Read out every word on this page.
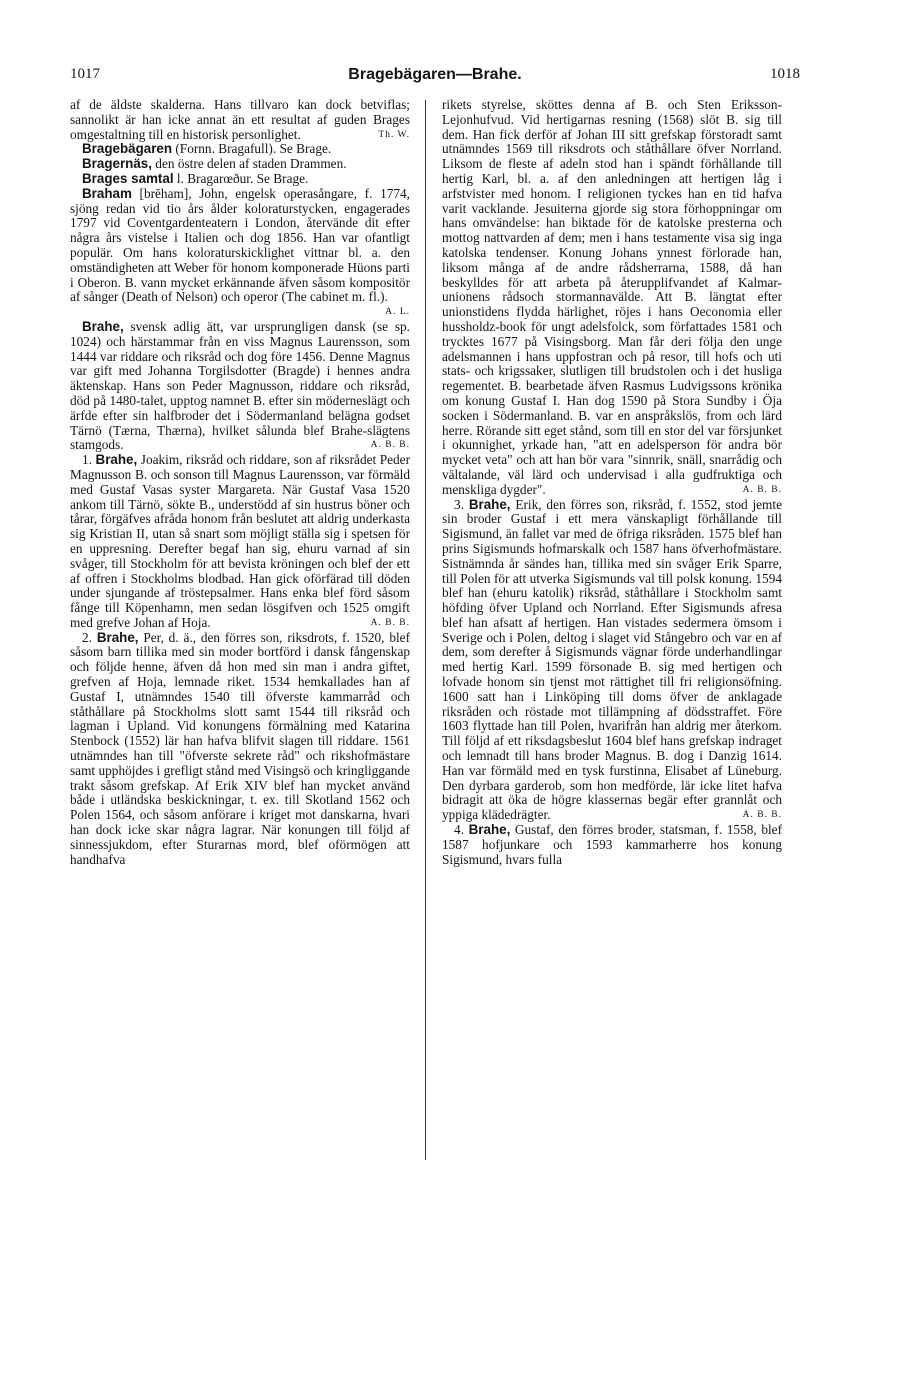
1017	Bragebägaren—Brahe.	1018

af de äldste skalderna. Hans tillvaro kan dock betviflas; sannolikt är han icke annat än ett resultat af guden Brages omgestaltning till en historisk personlighet.	Th. W.

Bragebägaren (Fornn. Bragafull). Se Brage.

Bragernäs, den östre delen af staden Drammen.

Brages samtal l. Bragarœður. Se Brage.

Braham [brēham], John, engelsk operasångare, f. 1774, sjöng redan vid tio års ålder koloraturstycken, engagerades 1797 vid Coventgardenteatern i London, återvände dit efter några års vistelse i Italien och dog 1856. Han var ofantligt populär. Om hans koloraturskicklighet vittnar bl. a. den omständigheten att Weber för honom komponerade Hüons parti i Oberon. B. vann mycket erkännande äfven såsom kompositör af sånger (Death of Nelson) och operor (The cabinet m. fl.).
A. L.

Brahe, svensk adlig ätt, var ursprungligen dansk (se sp. 1024) och härstammar från en viss Magnus Laurensson, som 1444 var riddare och riksråd och dog före 1456. Denne Magnus var gift med Johanna Torgilsdotter (Bragde) i hennes andra äktenskap. Hans son Peder Magnusson, riddare och riksråd, död på 1480-talet, upptog namnet B. efter sin möderneslägt och ärfde efter sin halfbroder det i Södermanland belägna godset Tärnö (Tærna, Thærna), hvilket sålunda blef Brahe-slägtens stamgods.	A. B. B.

1. Brahe, Joakim, riksråd och riddare, son af riksrådet Peder Magnusson B. och sonson till Magnus Laurensson, var förmäld med Gustaf Vasas syster Margareta. När Gustaf Vasa 1520 ankom till Tärnö, sökte B., understödd af sin hustrus böner och tårar, förgäfves afråda honom från beslutet att aldrig underkasta sig Kristian II, utan så snart som möjligt ställa sig i spetsen för en uppresning. Derefter begaf han sig, ehuru varnad af sin svåger, till Stockholm för att bevista kröningen och blef der ett af offren i Stockholms blodbad. Han gick oförfärad till döden under sjungande af tröstepsalmer. Hans enka blef förd såsom fånge till Köpenhamn, men sedan lösgifven och 1525 omgift med grefve Johan af Hoja.	A. B. B.

2. Brahe, Per, d. ä., den förres son, riksdrots, f. 1520, blef såsom barn tillika med sin moder bortförd i dansk fångenskap och följde henne, äfven då hon med sin man i andra giftet, grefven af Hoja, lemnade riket. 1534 hemkallades han af Gustaf I, utnämndes 1540 till öfverste kammarråd och ståthållare på Stockholms slott samt 1544 till riksråd och lagman i Upland. Vid konungens förmälning med Katarina Stenbock (1552) lär han hafva blifvit slagen till riddare. 1561 utnämndes han till "öfverste sekrete råd" och rikshofmästare samt upphöjdes i grefligt stånd med Visingsö och kringliggande trakt såsom grefskap. Af Erik XIV blef han mycket använd både i utländska beskickningar, t. ex. till Skotland 1562 och Polen 1564, och såsom anförare i kriget mot danskarna, hvari han dock icke skar några lagrar. När konungen till följd af sinnessjukdom, efter Sturarnas mord, blef oförmögen att handhafva

rikets styrelse, sköttes denna af B. och Sten Eriksson-Lejonhufvud. Vid hertigarnas resning (1568) slöt B. sig till dem. Han fick derför af Johan III sitt grefskap förstoradt samt utnämndes 1569 till riksdrots och ståthållare öfver Norrland. Liksom de fleste af adeln stod han i spändt förhållande till hertig Karl, bl. a. af den anledningen att hertigen låg i arfstvister med honom. I religionen tyckes han en tid hafva varit vacklande. Jesuiterna gjorde sig stora förhoppningar om hans omvändelse: han biktade för de katolske presterna och mottog nattvarden af dem; men i hans testamente visa sig inga katolska tendenser. Konung Johans ynnest förlorade han, liksom många af de andre rådsherrarna, 1588, då han beskylldes för att arbeta på återupplifvandet af Kalmar-unionens rådsoch stormannavälde. Att B. längtat efter unionstidens flydda härlighet, röjes i hans Oeconomia eller hussholdz-book för ungt adelsfolck, som författades 1581 och trycktes 1677 på Visingsborg. Man får deri följa den unge adelsmannen i hans uppfostran och på resor, till hofs och uti stats- och krigssaker, slutligen till brudstolen och i det husliga regementet. B. bearbetade äfven Rasmus Ludvigssons krönika om konung Gustaf I. Han dog 1590 på Stora Sundby i Öja socken i Södermanland. B. var en anspråkslös, from och lärd herre. Rörande sitt eget stånd, som till en stor del var försjunket i okunnighet, yrkade han, "att en adelsperson för andra bör mycket veta" och att han bör vara "sinnrik, snäll, snarrådig och vältalande, väl lärd och undervisad i alla gudfruktiga och menskliga dygder".	A. B. B.

3. Brahe, Erik, den förres son, riksråd, f. 1552, stod jemte sin broder Gustaf i ett mera vänskapligt förhållande till Sigismund, än fallet var med de öfriga riksråden. 1575 blef han prins Sigismunds hofmarskalk och 1587 hans öfverhofmästare. Sistnämnda år sändes han, tillika med sin svåger Erik Sparre, till Polen för att utverka Sigismunds val till polsk konung. 1594 blef han (ehuru katolik) riksråd, ståthållare i Stockholm samt höfding öfver Upland och Norrland. Efter Sigismunds afresa blef han afsatt af hertigen. Han vistades sedermera ömsom i Sverige och i Polen, deltog i slaget vid Stångebro och var en af dem, som derefter å Sigismunds vägnar förde underhandlingar med hertig Karl. 1599 försonade B. sig med hertigen och lofvade honom sin tjenst mot rättighet till fri religionsöfning. 1600 satt han i Linköping till doms öfver de anklagade riksråden och röstade mot tillämpning af dödsstraffet. Före 1603 flyttade han till Polen, hvarifrån han aldrig mer återkom. Till följd af ett riksdagsbeslut 1604 blef hans grefskap indraget och lemnadt till hans broder Magnus. B. dog i Danzig 1614. Han var förmäld med en tysk furstinna, Elisabet af Lüneburg. Den dyrbara garderob, som hon medförde, lär icke litet hafva bidragit att öka de högre klassernas begär efter grannlåt och yppiga klädedrägter.	A. B. B.

4. Brahe, Gustaf, den förres broder, statsman, f. 1558, blef 1587 hofjunkare och 1593 kammarherre hos konung Sigismund, hvars fulla
